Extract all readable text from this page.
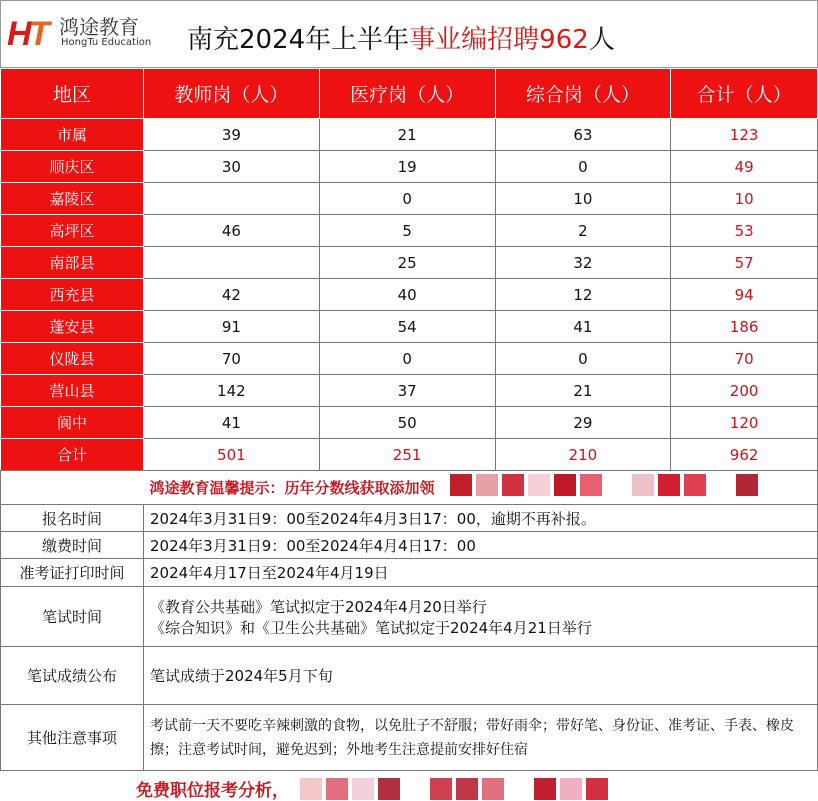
H
T 鸿途教育
HongTu Education 南充2024年上半年事业编招聘962人
地区	教师岗（人）	医疗岗（人）	综合岗（人）	合计（人）
市属	39	21	63	123
顺庆区	30	19	0	49
嘉陵区		0	10	10
高坪区	46	5	2	53
南部县		25	32	57
西充县	42	40	12	94
蓬安县	91	54	41	186
仪陇县	70	0	0	70
营山县	142	37	21	200
阆中	41	50	29	120
合计	501	251	210	962
鸿途教育温馨提示：历年分数线获取添加领	
报名时间	2024年3月31日9：00至2024年4月3日17：00，逾期不再补报。
缴费时间	2024年3月31日9：00至2024年4月4日17：00
准考证打印时间	2024年4月17日至2024年4月19日
笔试时间	《教育公共基础》笔试拟定于2024年4月20日举行
《综合知识》和《卫生公共基础》笔试拟定于2024年4月21日举行

笔试成绩公布	笔试成绩于2024年5月下旬
其他注意事项	考试前一天不要吃辛辣刺激的食物，以免肚子不舒服；带好雨伞；带好笔、身份证、准考证、手表、橡皮擦；注意考试时间，避免迟到；外地考生注意提前安排好住宿
免费职位报考分析，
